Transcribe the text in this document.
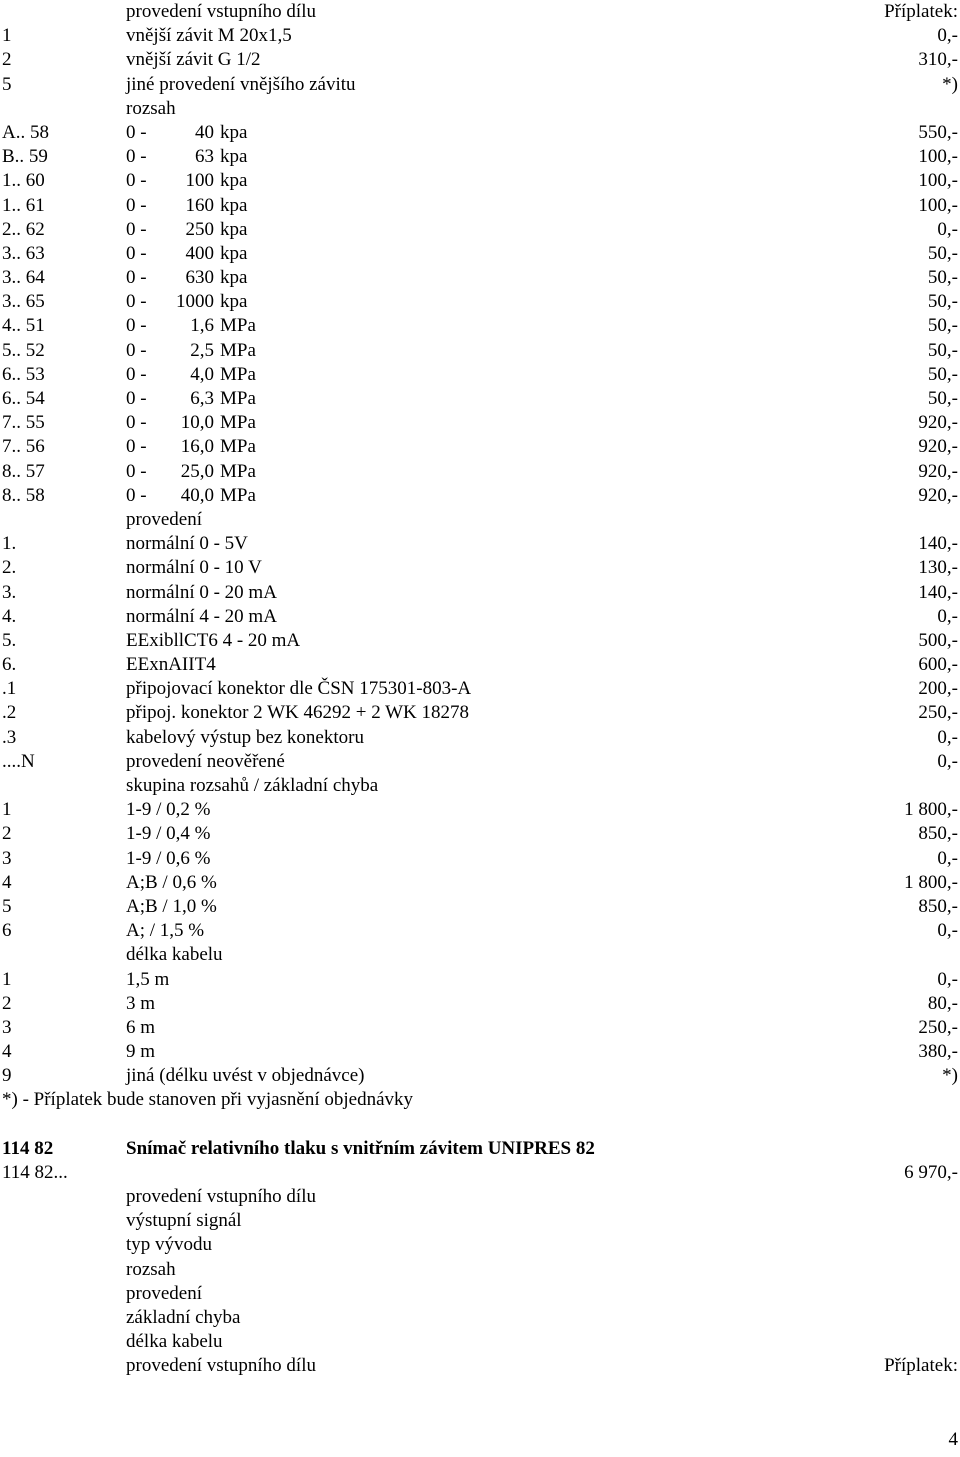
provedení vstupního dílu	Příplatek:
1	vnější závit M 20x1,5	0,-
2	vnější závit G 1/2	310,-
5	jiné provedení vnějšího závitu	*)
rozsah
A.. 58	0 -	40 kpa	550,-
B.. 59	0 -	63 kpa	100,-
1.. 60	0 - 100 kpa	100,-
1.. 61	0 - 160 kpa	100,-
2.. 62	0 - 250 kpa	0,-
3.. 63	0 - 400 kpa	50,-
3.. 64	0 - 630 kpa	50,-
3.. 65	0 - 1000 kpa	50,-
4.. 51	0 - 1,6 MPa	50,-
5.. 52	0 - 2,5 MPa	50,-
6.. 53	0 - 4,0 MPa	50,-
6.. 54	0 - 6,3 MPa	50,-
7.. 55	0 - 10,0 MPa	920,-
7.. 56	0 - 16,0 MPa	920,-
8.. 57	0 - 25,0 MPa	920,-
8.. 58	0 - 40,0 MPa	920,-
provedení
1.	normální 0 - 5V	140,-
2.	normální 0 - 10 V	130,-
3.	normální 0 - 20 mA	140,-
4.	normální 4 - 20 mA	0,-
5.	EExibllCT6 4 - 20 mA	500,-
6.	EExnAIIT4	600,-
.1	připojovací konektor dle ČSN 175301-803-A	200,-
.2	připoj. konektor 2 WK 46292 + 2 WK 18278	250,-
.3	kabelový výstup bez konektoru	0,-
....N	provedení neověřené	0,-
skupina rozsahů / základní chyba
1	1-9 / 0,2 %	1 800,-
2	1-9 / 0,4 %	850,-
3	1-9 / 0,6 %	0,-
4	A;B / 0,6 %	1 800,-
5	A;B / 1,0 %	850,-
6	A; / 1,5 %	0,-
délka kabelu
1	1,5 m	0,-
2	3 m	80,-
3	6 m	250,-
4	9 m	380,-
9	jiná (délku uvést v objednávce)	*)
*) - Příplatek bude stanoven při vyjasnění objednávky
114 82	Snímač relativního tlaku s vnitřním závitem UNIPRES 82
114 82...	6 970,-
provedení vstupního dílu
výstupní signál
typ vývodu
rozsah
provedení
základní chyba
délka kabelu
provedení vstupního dílu	Příplatek:
4
